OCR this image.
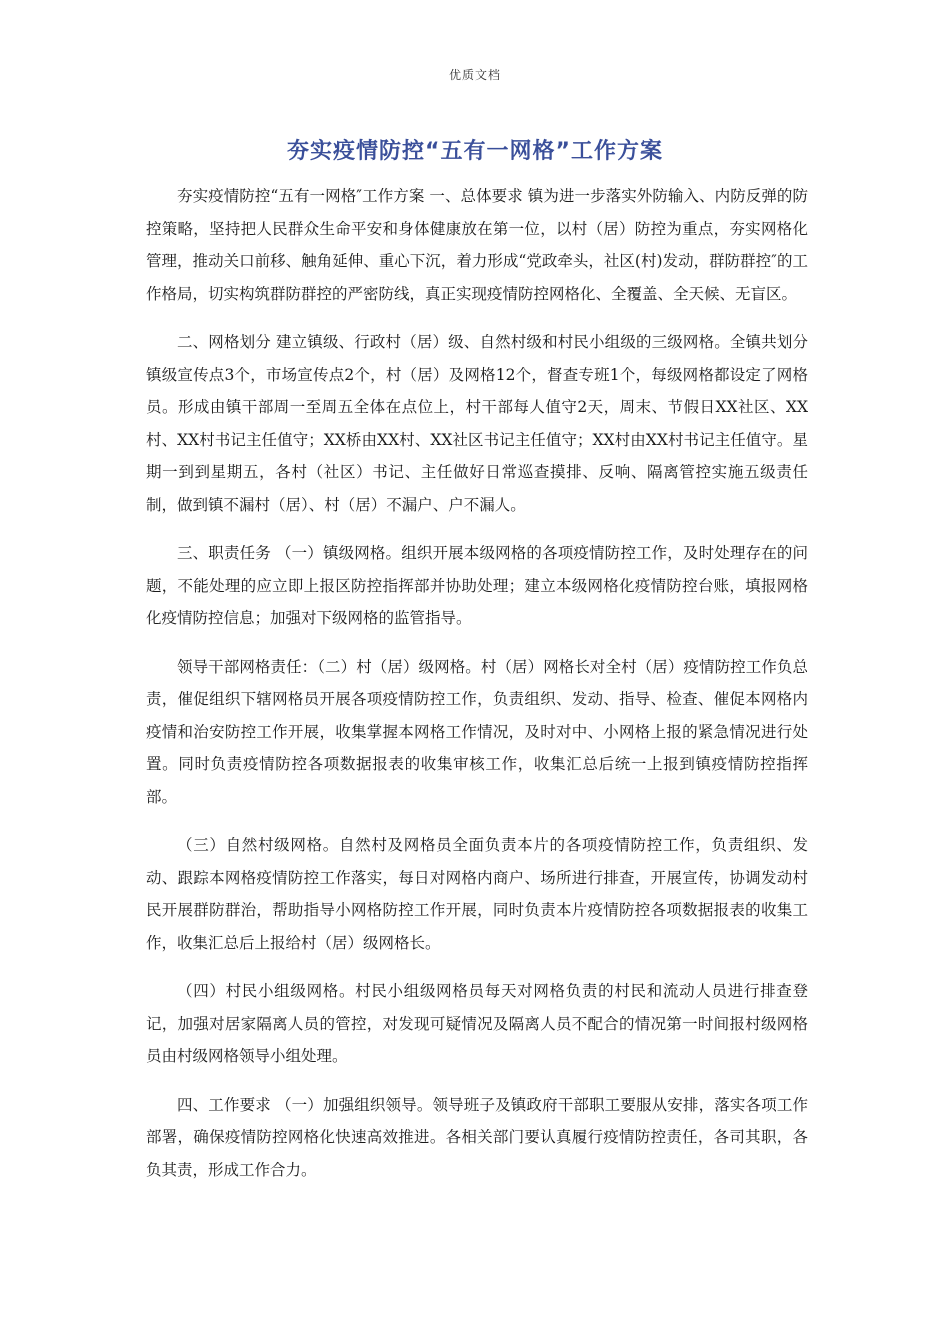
优质文档
夯实疫情防控“五有一网格”工作方案

夯实疫情防控“五有一网格″工作方案 一、总体要求 镇为进一步落实外防输入、内防反弹的防控策略，坚持把人民群众生命平安和身体健康放在第一位，以村（居）防控为重点，夯实网格化管理，推动关口前移、触角延伸、重心下沉，着力形成“党政牵头，社区(村)发动，群防群控″的工作格局，切实构筑群防群控的严密防线，真正实现疫情防控网格化、全覆盖、全天候、无盲区。

二、网格划分 建立镇级、行政村（居）级、自然村级和村民小组级的三级网格。全镇共划分镇级宣传点3个，市场宣传点2个，村（居）及网格12个，督查专班1个，每级网格都设定了网格员。形成由镇干部周一至周五全体在点位上，村干部每人值守2天，周末、节假日XX社区、XX村、XX村书记主任值守；XX桥由XX村、XX社区书记主任值守；XX村由XX村书记主任值守。星期一到到星期五，各村（社区）书记、主任做好日常巡查摸排、反响、隔离管控实施五级责任制，做到镇不漏村（居）、村（居）不漏户、户不漏人。

三、职责任务 （一）镇级网格。组织开展本级网格的各项疫情防控工作，及时处理存在的问题，不能处理的应立即上报区防控指挥部并协助处理；建立本级网格化疫情防控台账，填报网格化疫情防控信息；加强对下级网格的监管指导。

领导干部网格责任：（二）村（居）级网格。村（居）网格长对全村（居）疫情防控工作负总责，催促组织下辖网格员开展各项疫情防控工作，负责组织、发动、指导、检查、催促本网格内疫情和治安防控工作开展，收集掌握本网格工作情况，及时对中、小网格上报的紧急情况进行处置。同时负责疫情防控各项数据报表的收集审核工作，收集汇总后统一上报到镇疫情防控指挥部。

（三）自然村级网格。自然村及网格员全面负责本片的各项疫情防控工作，负责组织、发动、跟踪本网格疫情防控工作落实，每日对网格内商户、场所进行排查，开展宣传，协调发动村民开展群防群治，帮助指导小网格防控工作开展，同时负责本片疫情防控各项数据报表的收集工作，收集汇总后上报给村（居）级网格长。

（四）村民小组级网格。村民小组级网格员每天对网格负责的村民和流动人员进行排查登记，加强对居家隔离人员的管控，对发现可疑情况及隔离人员不配合的情况第一时间报村级网格员由村级网格领导小组处理。

四、工作要求 （一）加强组织领导。领导班子及镇政府干部职工要服从安排，落实各项工作部署，确保疫情防控网格化快速高效推进。各相关部门要认真履行疫情防控责任，各司其职，各负其责，形成工作合力。
